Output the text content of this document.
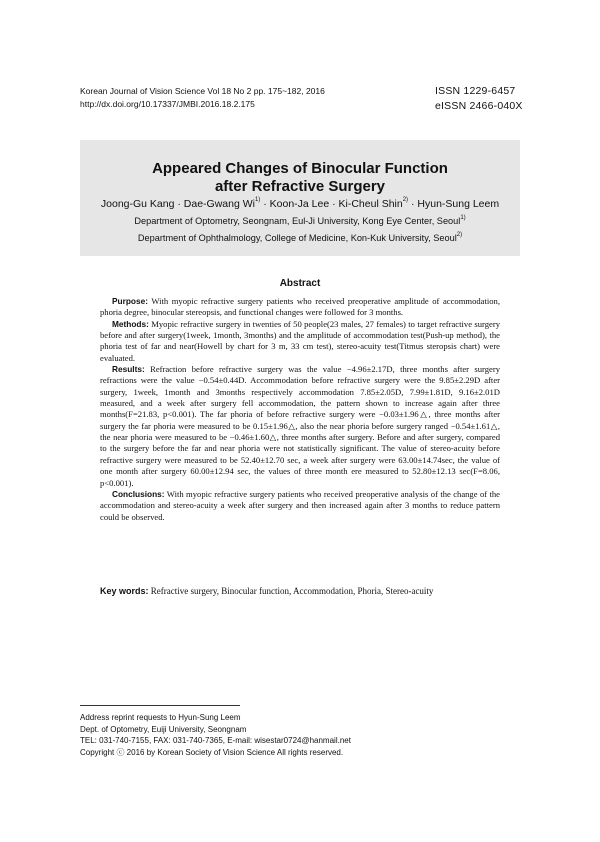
Korean Journal of Vision Science Vol 18 No 2 pp. 175~182, 2016
http://dx.doi.org/10.17337/JMBI.2016.18.2.175
ISSN 1229-6457
eISSN 2466-040X
Appeared Changes of Binocular Function
after Refractive Surgery
Joong-Gu Kang · Dae-Gwang $Wi^{1)}$ · Koon-Ja Lee · Ki-Cheul Shin$^{2)}$ · Hyun-Sung Leem
Department of Optometry, Seongnam, Eul-Ji University, Kong Eye Center, Seoul$^{1)}$
Department of Ophthalmology, College of Medicine, Kon-Kuk University, Seoul$^{2)}$
Abstract

Purpose: With myopic refractive surgery patients who received preoperative amplitude of accommodation, phoria degree, binocular stereopsis, and functional changes were followed for 3 months.

Methods: Myopic refractive surgery in twenties of 50 people(23 males, 27 females) to target refractive surgery before and after surgery(1week, 1month, 3months) and the amplitude of accommodation test(Push-up method), the phoria test of far and near(Howell by chart for 3 m, 33 cm test), stereo-acuity test(Titmus steropsis chart) were evaluated.

Results: Refraction before refractive surgery was the value −4.96±2.17D, three months after surgery refractions were the value −0.54±0.44D. Accommodation before refractive surgery were the 9.85±2.29D after surgery, 1week, 1month and 3months respectively accommodation 7.85±2.05D, 7.99±1.81D, 9.16±2.01D measured, and a week after surgery fell accommodation, the pattern shown to increase again after three months(F=21.83, p<0.001). The far phoria of before refractive surgery were −0.03±1.96△, three months after surgery the far phoria were measured to be 0.15±1.96△, also the near phoria before surgery ranged −0.54±1.61△, the near phoria were measured to be −0.46±1.60△, three months after surgery. Before and after surgery, compared to the surgery before the far and near phoria were not statistically significant. The value of stereo-acuity before refractive surgery were measured to be 52.40±12.70 sec, a week after surgery were 63.00±14.74sec, the value of one month after surgery 60.00±12.94 sec, the values of three month ere measured to 52.80±12.13 sec(F=8.06, p<0.001).

Conclusions: With myopic refractive surgery patients who received preoperative analysis of the change of the accommodation and stereo-acuity a week after surgery and then increased again after 3 months to reduce pattern could be observed.

Key words: Refractive surgery, Binocular function, Accommodation, Phoria, Stereo-acuity
Address reprint requests to Hyun-Sung Leem
Dept. of Optometry, Euiji University, Seongnam
TEL: 031-740-7155, FAX: 031-740-7365, E-mail: wisestar0724@hanmail.net
Copyright ⓒ 2016 by Korean Society of Vision Science All rights reserved.
